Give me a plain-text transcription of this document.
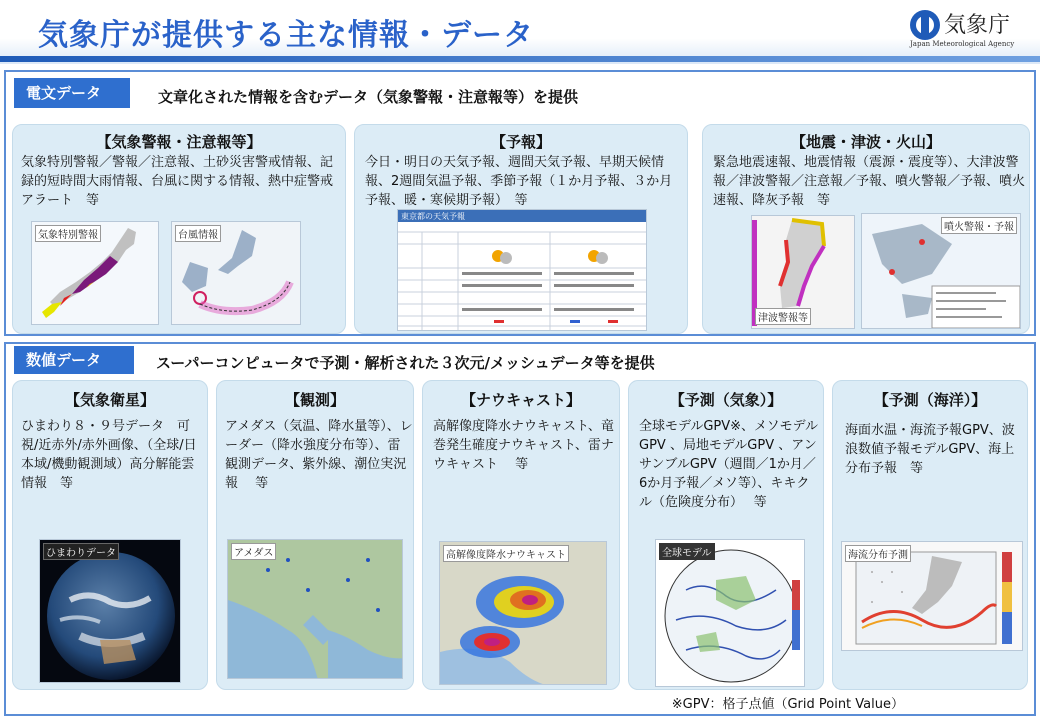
気象庁が提供する主な情報・データ	気象庁
Japan Meteorological Agency
電文データ	文章化された情報を含むデータ（気象警報・注意報等）を提供
【気象警報・注意報等】
気象特別警報／警報／注意報、土砂災害警戒情報、記録的短時間大雨情報、台風に関する情報、熱中症警戒アラート　等
気象特別警報	台風情報
【予報】
今日・明日の天気予報、週間天気予報、早期天候情報、2週間気温予報、季節予報（１か月予報、３か月予報、暖・寒候期予報）　等
東京都の天気予報
【地震・津波・火山】
緊急地震速報、地震情報（震源・震度等）、大津波警報／津波警報／注意報／予報、噴火警報／予報、噴火速報、降灰予報　等
津波警報等
噴火警報・予報
数値データ	スーパーコンピュータで予測・解析された３次元/メッシュデータ等を提供
【気象衛星】
ひまわり８・９号データ　可視/近赤外/赤外画像、（全球/日本域/機動観測域）高分解能雲情報　等
ひまわりデータ
【観測】
アメダス（気温、降水量等）、レーダー（降水強度分布等）、雷観測データ、紫外線、潮位実況報　 等
アメダス
【ナウキャスト】
高解像度降水ナウキャスト、竜巻発生確度ナウキャスト、雷ナウキャスト　 等
高解像度降水ナウキャスト
【予測（気象）】
全球モデルGPV※、メソモデルGPV 、局地モデルGPV 、アンサンブルGPV（週間／1か月／6か月予報／メソ等）、キキクル（危険度分布）　 等
全球モデル
【予測（海洋）】
海面水温・海流予報GPV、波浪数値予報モデルGPV、海上分布予報　等
海流分布予測
※GPV：格子点値（Grid Point Value）
